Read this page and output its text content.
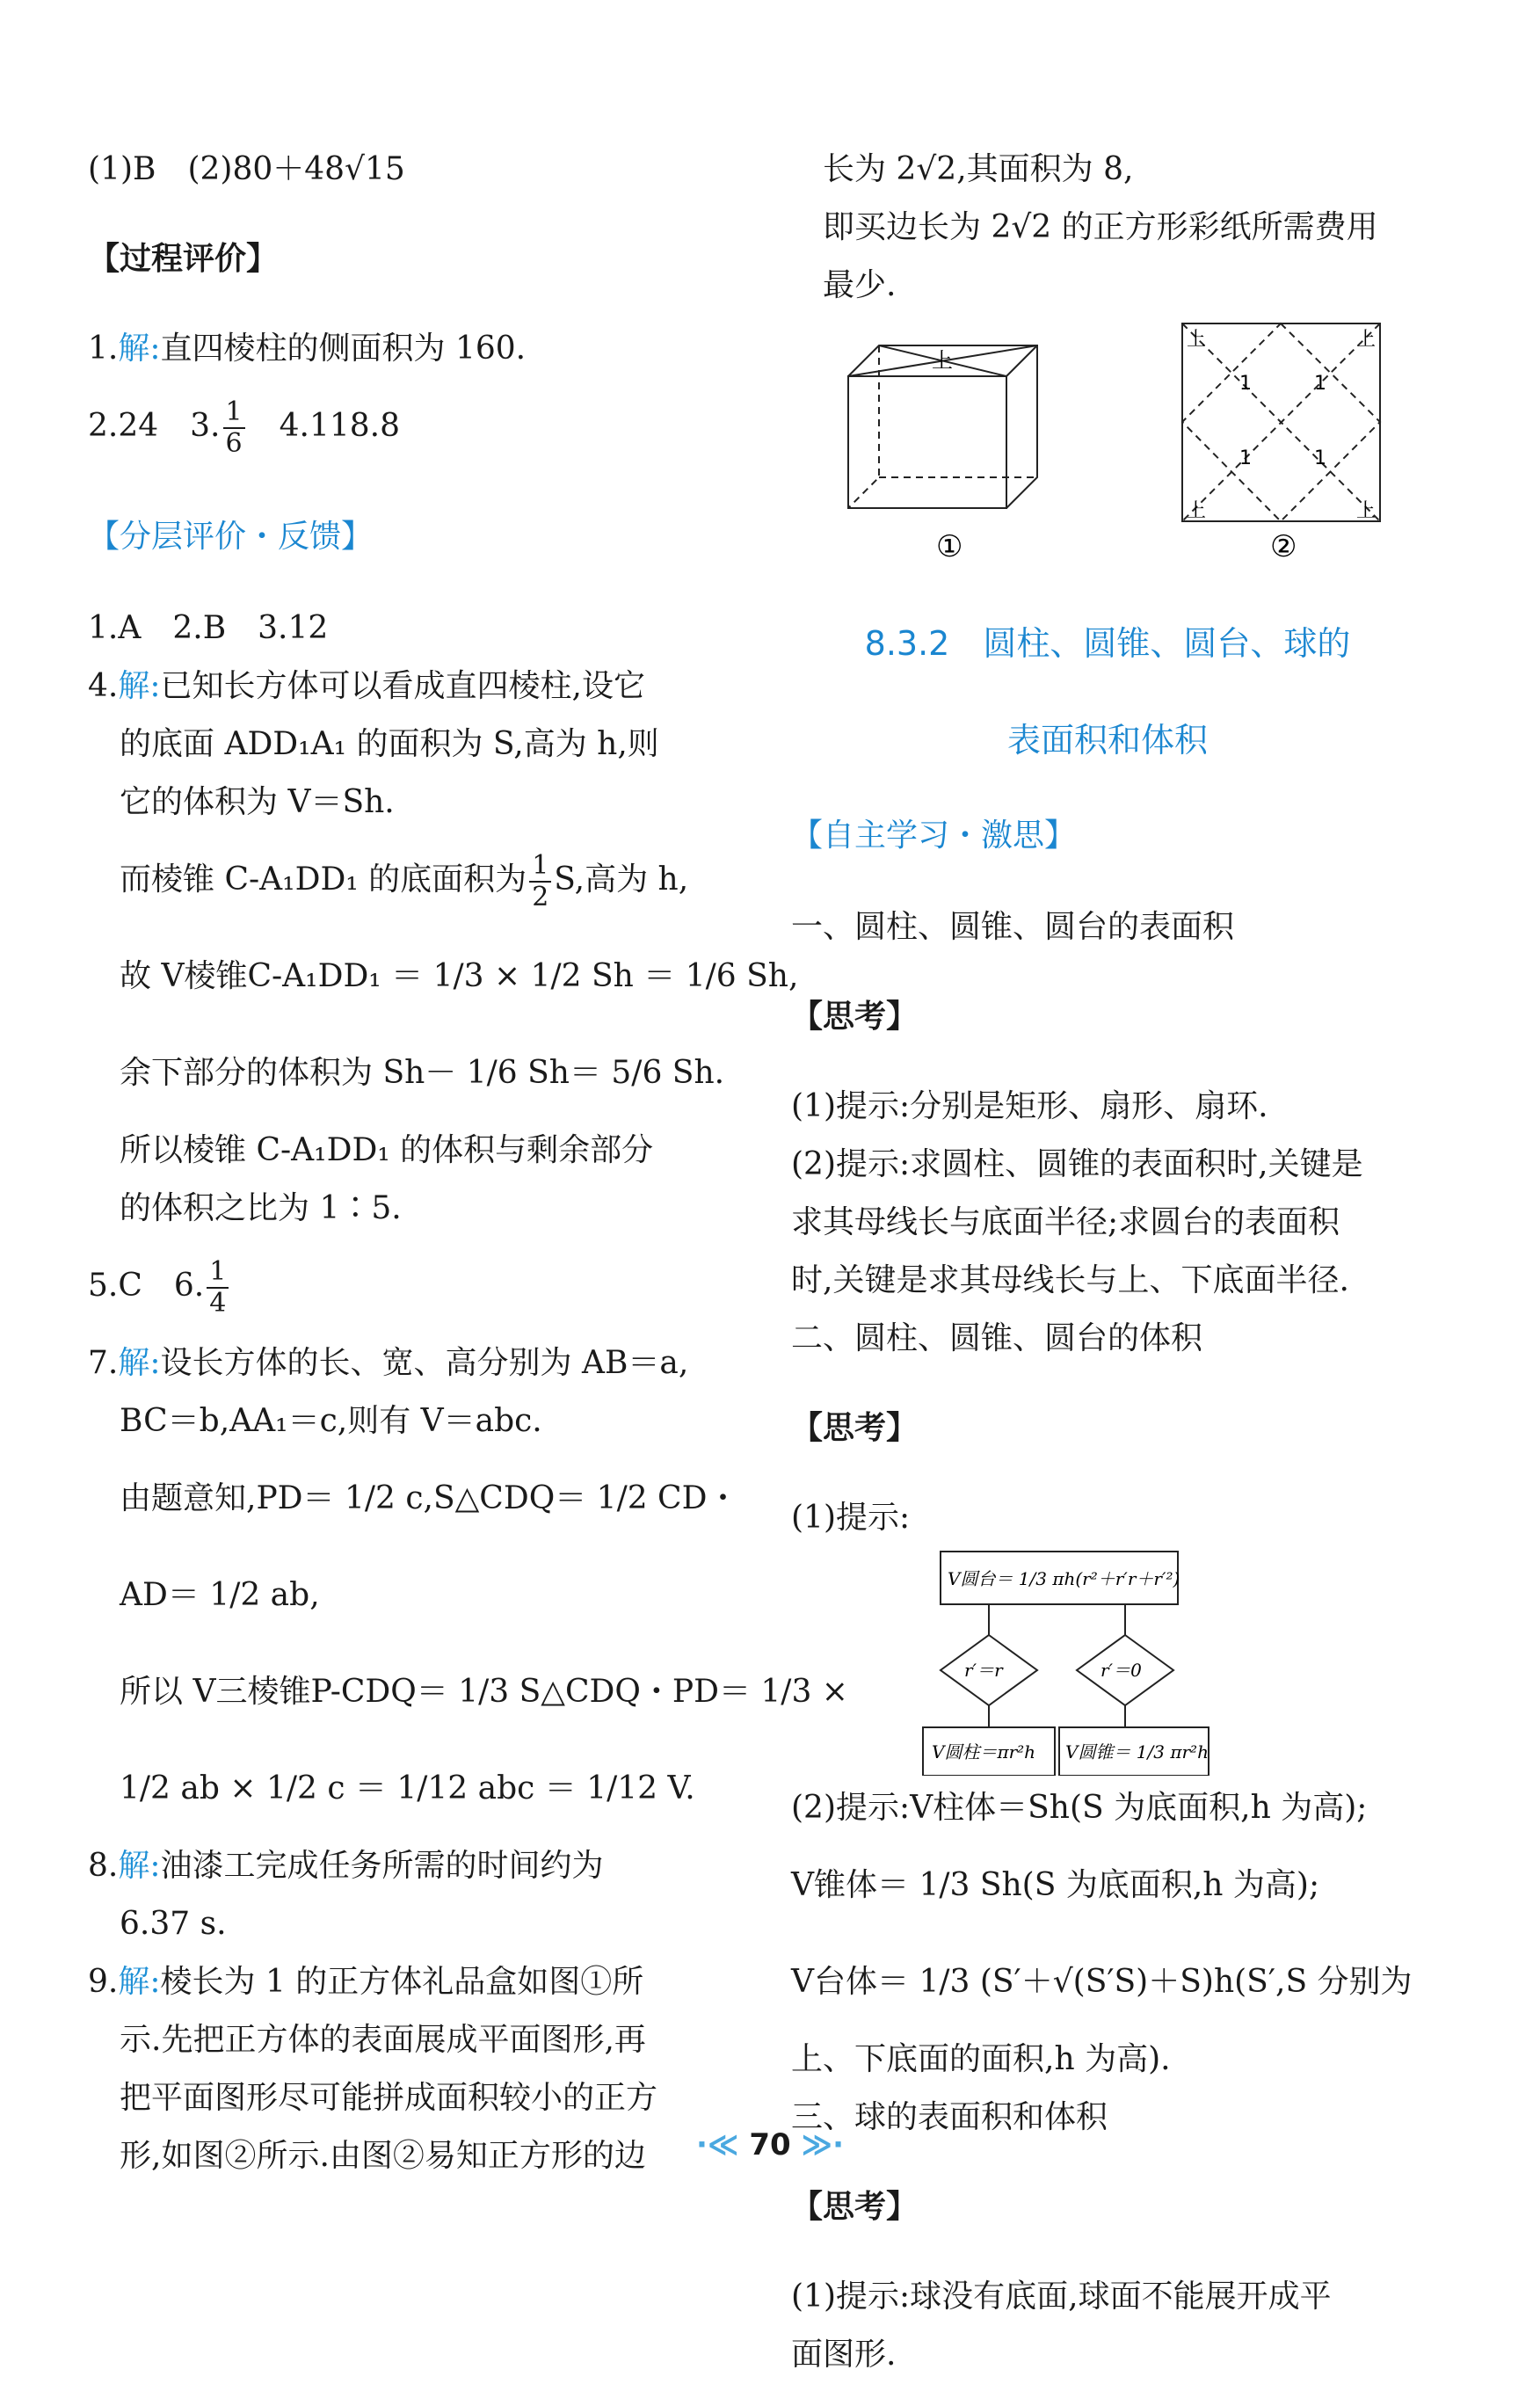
(1)B　(2)80＋48√15

【过程评价】

1.解:直四棱柱的侧面积为 160.

2.24　3. $\frac{1}{6}$ 　4.118.8

【分层评价・反馈】

1.A　2.B　3.12

4.解:已知长方体可以看成直四棱柱,设它

的底面 ADD₁A₁ 的面积为 S,高为 h,则

它的体积为 V＝Sh.

而棱锥 C-A₁DD₁ 的底面积为 $\frac{1}{2} S$,高为 h,

故 V棱锥C-A₁DD₁ ＝ 1/3 × 1/2 Sh ＝ 1/6 Sh,

余下部分的体积为 Sh－ 1/6 Sh＝ 5/6 Sh.

所以棱锥 C-A₁DD₁ 的体积与剩余部分

的体积之比为 1∶5.

5.C　6. $\frac{1}{4}$

7.解:设长方体的长、宽、高分别为 AB＝a,

BC＝b,AA₁＝c,则有 V＝abc.

由题意知,PD＝ 1/2 c,S△CDQ＝ 1/2 CD・

AD＝ 1/2 ab,

所以 V三棱锥P-CDQ＝ 1/3 S△CDQ・PD＝ 1/3 ×

1/2 ab × 1/2 c ＝ 1/12 abc ＝ 1/12 V.

8.解:油漆工完成任务所需的时间约为

6.37 s.

9.解:棱长为 1 的正方体礼品盒如图①所

示.先把正方体的表面展成平面图形,再

把平面图形尽可能拼成面积较小的正方

形,如图②所示.由图②易知正方形的边

长为 2√2,其面积为 8,

即买边长为 2√2 的正方形彩纸所需费用

最少.

上
①
上	上
上	上
1	1
1	1
②

8.3.2　圆柱、圆锥、圆台、球的

表面积和体积

【自主学习・激思】

一、圆柱、圆锥、圆台的表面积

【思考】

(1)提示:分别是矩形、扇形、扇环.

(2)提示:求圆柱、圆锥的表面积时,关键是

求其母线长与底面半径;求圆台的表面积

时,关键是求其母线长与上、下底面半径.

二、圆柱、圆锥、圆台的体积

【思考】

(1)提示:

V圆台＝ 1/3 πh(r²＋r′r＋r′²)
r′＝r	r′＝0
V圆柱＝πr²h V圆锥＝ 1/3 πr²h

(2)提示:V柱体＝Sh(S 为底面积,h 为高);

V锥体＝ 1/3 Sh(S 为底面积,h 为高);

V台体＝ 1/3 (S′＋√(S′S)＋S)h(S′,S 分别为

上、下底面的面积,h 为高).

三、球的表面积和体积

【思考】

(1)提示:球没有底面,球面不能展开成平

面图形.

·≪ 70 ≫·
